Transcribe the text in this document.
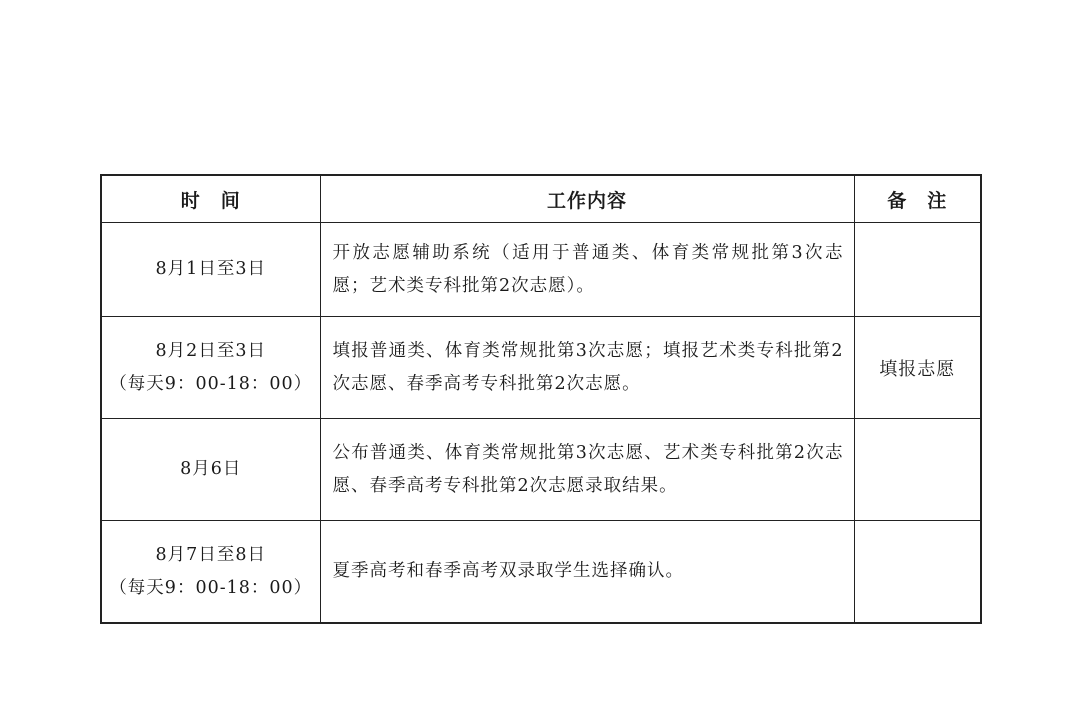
时　间	工作内容	备　注

8月1日至3日	开放志愿辅助系统（适用于普通类、体育类常规批第3次志愿；艺术类专科批第2次志愿）。	

8月2日至3日
（每天9：00-18：00）	填报普通类、体育类常规批第3次志愿；填报艺术类专科批第2次志愿、春季高考专科批第2次志愿。	填报志愿

8月6日	公布普通类、体育类常规批第3次志愿、艺术类专科批第2次志愿、春季高考专科批第2次志愿录取结果。	

8月7日至8日
（每天9：00-18：00）	夏季高考和春季高考双录取学生选择确认。	
